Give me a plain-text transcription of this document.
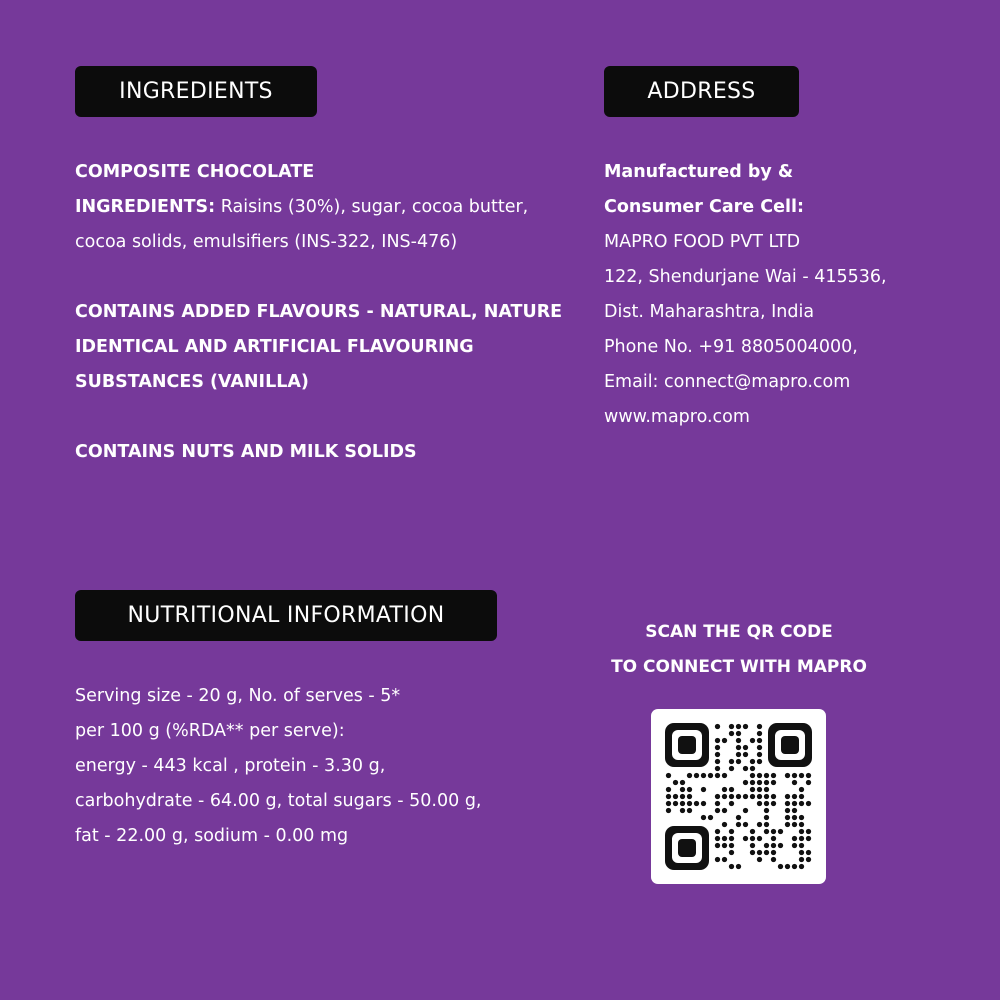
INGREDIENTS	ADDRESS
NUTRITIONAL INFORMATION

COMPOSITE CHOCOLATE
INGREDIENTS: Raisins (30%), sugar, cocoa butter,
cocoa solids, emulsifiers (INS-322, INS-476)

CONTAINS ADDED FLAVOURS - NATURAL, NATURE
IDENTICAL AND ARTIFICIAL FLAVOURING
SUBSTANCES (VANILLA)

CONTAINS NUTS AND MILK SOLIDS

Manufactured by &
Consumer Care Cell:
MAPRO FOOD PVT LTD
122, Shendurjane Wai - 415536,
Dist. Maharashtra, India
Phone No. +91 8805004000,
Email: connect@mapro.com
www.mapro.com
Serving size - 20 g, No. of serves - 5*
per 100 g (%RDA** per serve):
energy - 443 kcal , protein - 3.30 g,
carbohydrate - 64.00 g, total sugars - 50.00 g,
fat - 22.00 g, sodium - 0.00 mg
SCAN THE QR CODE
TO CONNECT WITH MAPRO
